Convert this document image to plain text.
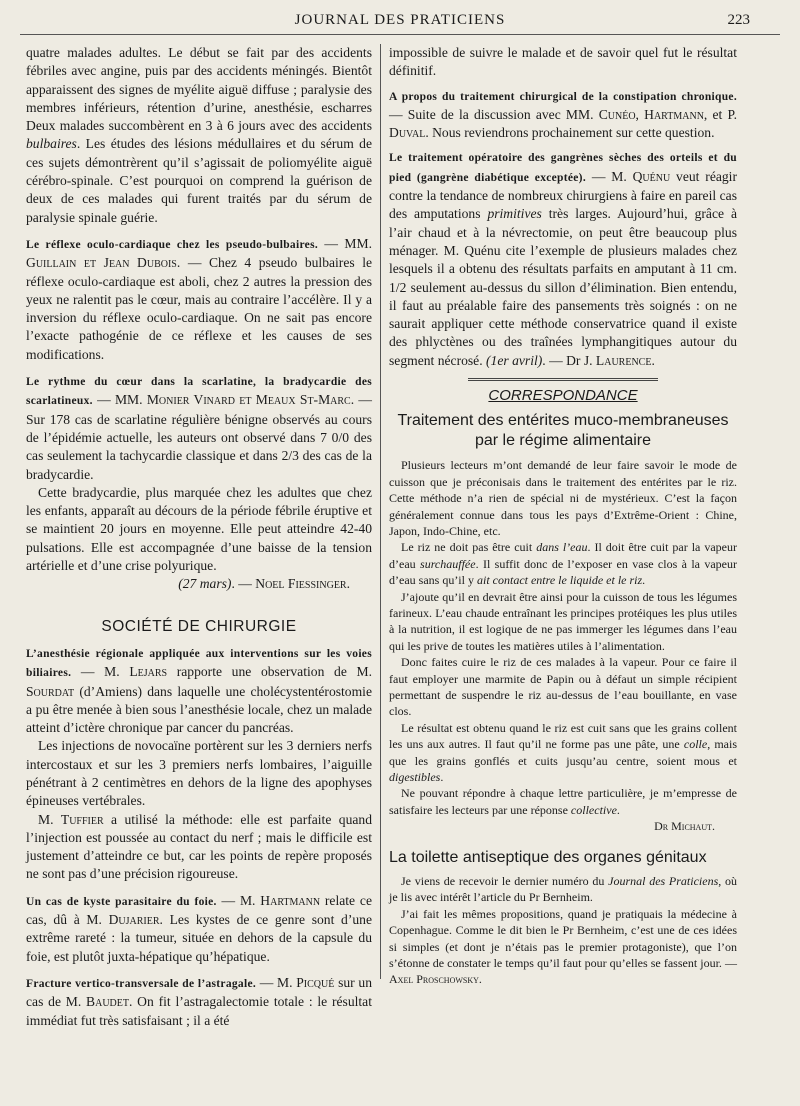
JOURNAL DES PRATICIENS	223

quatre malades adultes. Le début se fait par des accidents fébriles avec angine, puis par des accidents méningés. Bientôt apparaissent des signes de myélite aiguë diffuse ; paralysie des membres inférieurs, rétention d’urine, anesthésie, escharres Deux malades succombèrent en 3 à 6 jours avec des accidents bulbaires. Les études des lésions médullaires et du sérum de ces sujets démontrèrent qu’il s’agissait de poliomyélite aiguë cérébro-spinale. C’est pourquoi on comprend la guérison de deux de ces malades qui furent traités par du sérum de paralysie spinale guérie.

Le réflexe oculo-cardiaque chez les pseudo-bulbaires. — MM. Guillain et Jean Dubois. — Chez 4 pseudo bulbaires le réflexe oculo-cardiaque est aboli, chez 2 autres la pression des yeux ne ralentit pas le cœur, mais au contraire l’accélère. Il y a inversion du réflexe oculo-cardiaque. On ne sait pas encore l’exacte pathogénie de ce réflexe et les causes de ses modifications.

Le rythme du cœur dans la scarlatine, la bradycardie des scarlatineux. — MM. Monier Vinard et Meaux St-Marc. — Sur 178 cas de scarlatine régulière bénigne observés au cours de l’épidémie actuelle, les auteurs ont observé dans 7 0/0 des cas seulement la tachycardie classique et dans 2/3 des cas de la bradycardie.

Cette bradycardie, plus marquée chez les adultes que chez les enfants, apparaît au décours de la période fébrile éruptive et se maintient 20 jours en moyenne. Elle peut atteindre 42-40 pulsations. Elle est accompagnée d’une baisse de la tension artérielle et d’une crise polyurique.

(27 mars). — Noel Fiessinger.

SOCIÉTÉ DE CHIRURGIE

L’anesthésie régionale appliquée aux interventions sur les voies biliaires. — M. Lejars rapporte une observation de M. Sourdat (d’Amiens) dans laquelle une cholécystentérostomie a pu être menée à bien sous l’anesthésie locale, chez un malade atteint d’ictère chronique par cancer du pancréas.

Les injections de novocaïne portèrent sur les 3 derniers nerfs intercostaux et sur les 3 premiers nerfs lombaires, l’aiguille pénétrant à 2 centimètres en dehors de la ligne des apophyses épineuses vertébrales.

M. Tuffier a utilisé la méthode: elle est parfaite quand l’injection est poussée au contact du nerf ; mais le difficile est justement d’atteindre ce but, car les points de repère proposés ne sont pas d’une précision rigoureuse.

Un cas de kyste parasitaire du foie. — M. Hartmann relate ce cas, dû à M. Dujarier. Les kystes de ce genre sont d’une extrême rareté : la tumeur, située en dehors de la capsule du foie, est plutôt juxta-hépatique qu’hépatique.

Fracture vertico-transversale de l’astragale. — M. Picqué sur un cas de M. Baudet. On fit l’astragalectomie totale : le résultat immédiat fut très satisfaisant ; il a été

impossible de suivre le malade et de savoir quel fut le résultat définitif.

A propos du traitement chirurgical de la constipation chronique. — Suite de la discussion avec MM. Cunéo, Hartmann, et P. Duval. Nous reviendrons prochainement sur cette question.

Le traitement opératoire des gangrènes sèches des orteils et du pied (gangrène diabétique exceptée). — M. Quénu veut réagir contre la tendance de nombreux chirurgiens à faire en pareil cas des amputations primitives très larges. Aujourd’hui, grâce à l’air chaud et à la névrectomie, on peut être beaucoup plus ménager. M. Quénu cite l’exemple de plusieurs malades chez lesquels il a obtenu des résultats parfaits en amputant à 11 cm. 1/2 seulement au-dessus du sillon d’élimination. Bien entendu, il faut au préalable faire des pansements très soignés : on ne saurait appliquer cette méthode conservatrice quand il existe des phlyctènes ou des traînées lymphangitiques autour du segment nécrosé. (1er avril). — Dr J. Laurence.

CORRESPONDANCE
Traitement des entérites muco-membraneuses par le régime alimentaire

Plusieurs lecteurs m’ont demandé de leur faire savoir le mode de cuisson que je préconisais dans le traitement des entérites par le riz. Cette méthode n’a rien de spécial ni de mystérieux. C’est la façon généralement connue dans tous les pays d’Extrême-Orient : Chine, Japon, Indo-Chine, etc.

Le riz ne doit pas être cuit dans l’eau. Il doit être cuit par la vapeur d’eau surchauffée. Il suffit donc de l’exposer en vase clos à la vapeur d’eau sans qu’il y ait contact entre le liquide et le riz.

J’ajoute qu’il en devrait être ainsi pour la cuisson de tous les légumes farineux. L’eau chaude entraînant les principes protéiques les plus utiles à la nutrition, il est logique de ne pas immerger les légumes dans l’eau qui les prive de toutes les matières utiles à l’alimentation.

Donc faites cuire le riz de ces malades à la vapeur. Pour ce faire il faut employer une marmite de Papin ou à défaut un simple récipient permettant de suspendre le riz au-dessus de l’eau bouillante, en vase clos.

Le résultat est obtenu quand le riz est cuit sans que les grains collent les uns aux autres. Il faut qu’il ne forme pas une pâte, une colle, mais que les grains gonflés et cuits jusqu’au centre, soient mous et digestibles.

Ne pouvant répondre à chaque lettre particulière, je m’empresse de satisfaire les lecteurs par une réponse collective.

Dr Michaut.

La toilette antiseptique des organes génitaux

Je viens de recevoir le dernier numéro du Journal des Praticiens, où je lis avec intérêt l’article du Pr Bernheim.

J’ai fait les mêmes propositions, quand je pratiquais la médecine à Copenhague. Comme le dit bien le Pr Bernheim, c’est une de ces idées si simples (et dont je n’étais pas le premier protagoniste), que l’on s’étonne de constater le temps qu’il faut pour qu’elles se fassent jour. — Axel Proschowsky.
